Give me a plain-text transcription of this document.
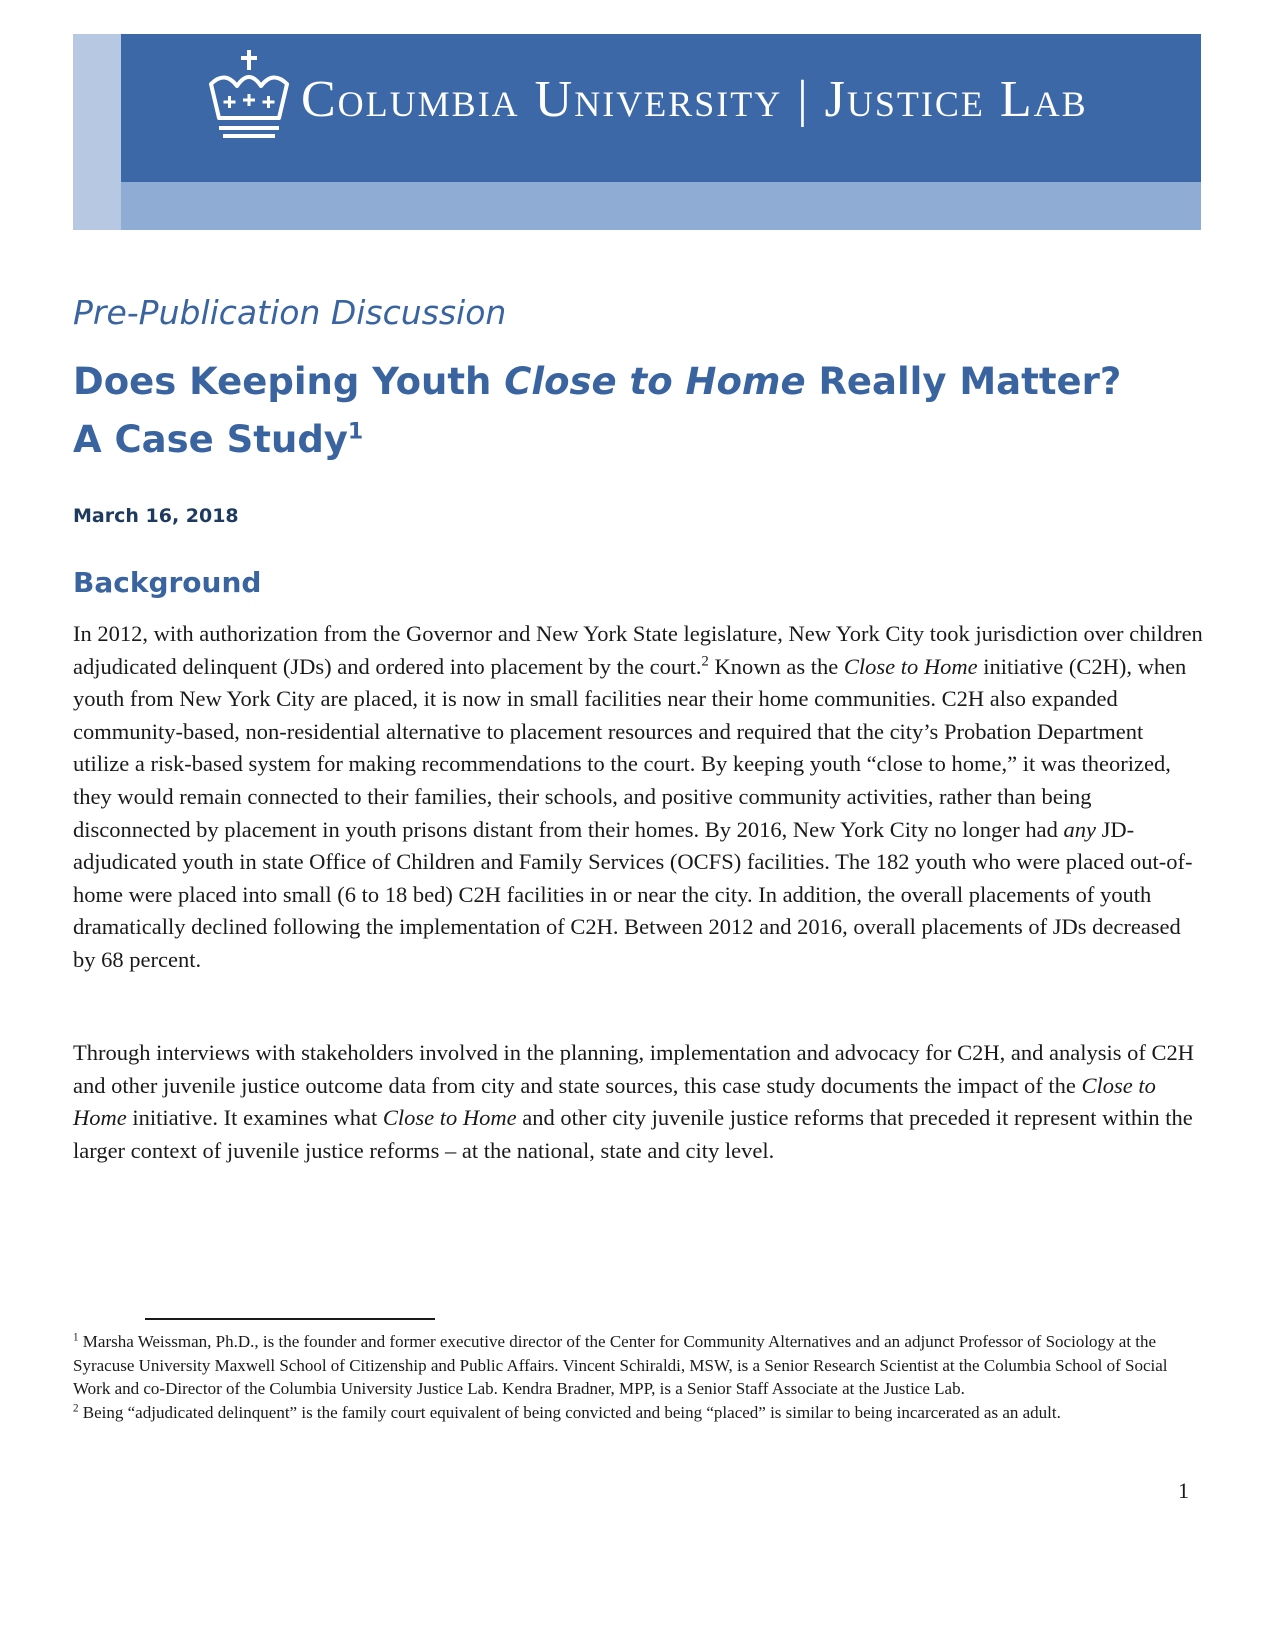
Columbia University | Justice Lab
Shaping Justice for the Future
Pre-Publication Discussion
Does Keeping Youth Close to Home Really Matter?
A Case Study$^1$
March 16, 2018
Background

In 2012, with authorization from the Governor and New York State legislature, New York City took jurisdiction over children adjudicated delinquent (JDs) and ordered into placement by the court.$^2$ Known as the Close to Home initiative (C2H), when youth from New York City are placed, it is now in small facilities near their home communities. C2H also expanded community-based, non-residential alternative to placement resources and required that the city’s Probation Department utilize a risk-based system for making recommendations to the court. By keeping youth “close to home,” it was theorized, they would remain connected to their families, their schools, and positive community activities, rather than being disconnected by placement in youth prisons distant from their homes. By 2016, New York City no longer had any JD-adjudicated youth in state Office of Children and Family Services (OCFS) facilities. The 182 youth who were placed out-of-home were placed into small (6 to 18 bed) C2H facilities in or near the city. In addition, the overall placements of youth dramatically declined following the implementation of C2H. Between 2012 and 2016, overall placements of JDs decreased by 68 percent.

Through interviews with stakeholders involved in the planning, implementation and advocacy for C2H, and analysis of C2H and other juvenile justice outcome data from city and state sources, this case study documents the impact of the Close to Home initiative. It examines what Close to Home and other city juvenile justice reforms that preceded it represent within the larger context of juvenile justice reforms – at the national, state and city level.

$^1$ Marsha Weissman, Ph.D., is the founder and former executive director of the Center for Community Alternatives and an adjunct Professor of Sociology at the Syracuse University Maxwell School of Citizenship and Public Affairs. Vincent Schiraldi, MSW, is a Senior Research Scientist at the Columbia School of Social Work and co-Director of the Columbia University Justice Lab. Kendra Bradner, MPP, is a Senior Staff Associate at the Justice Lab.

$^2$ Being “adjudicated delinquent” is the family court equivalent of being convicted and being “placed” is similar to being incarcerated as an adult.

1
